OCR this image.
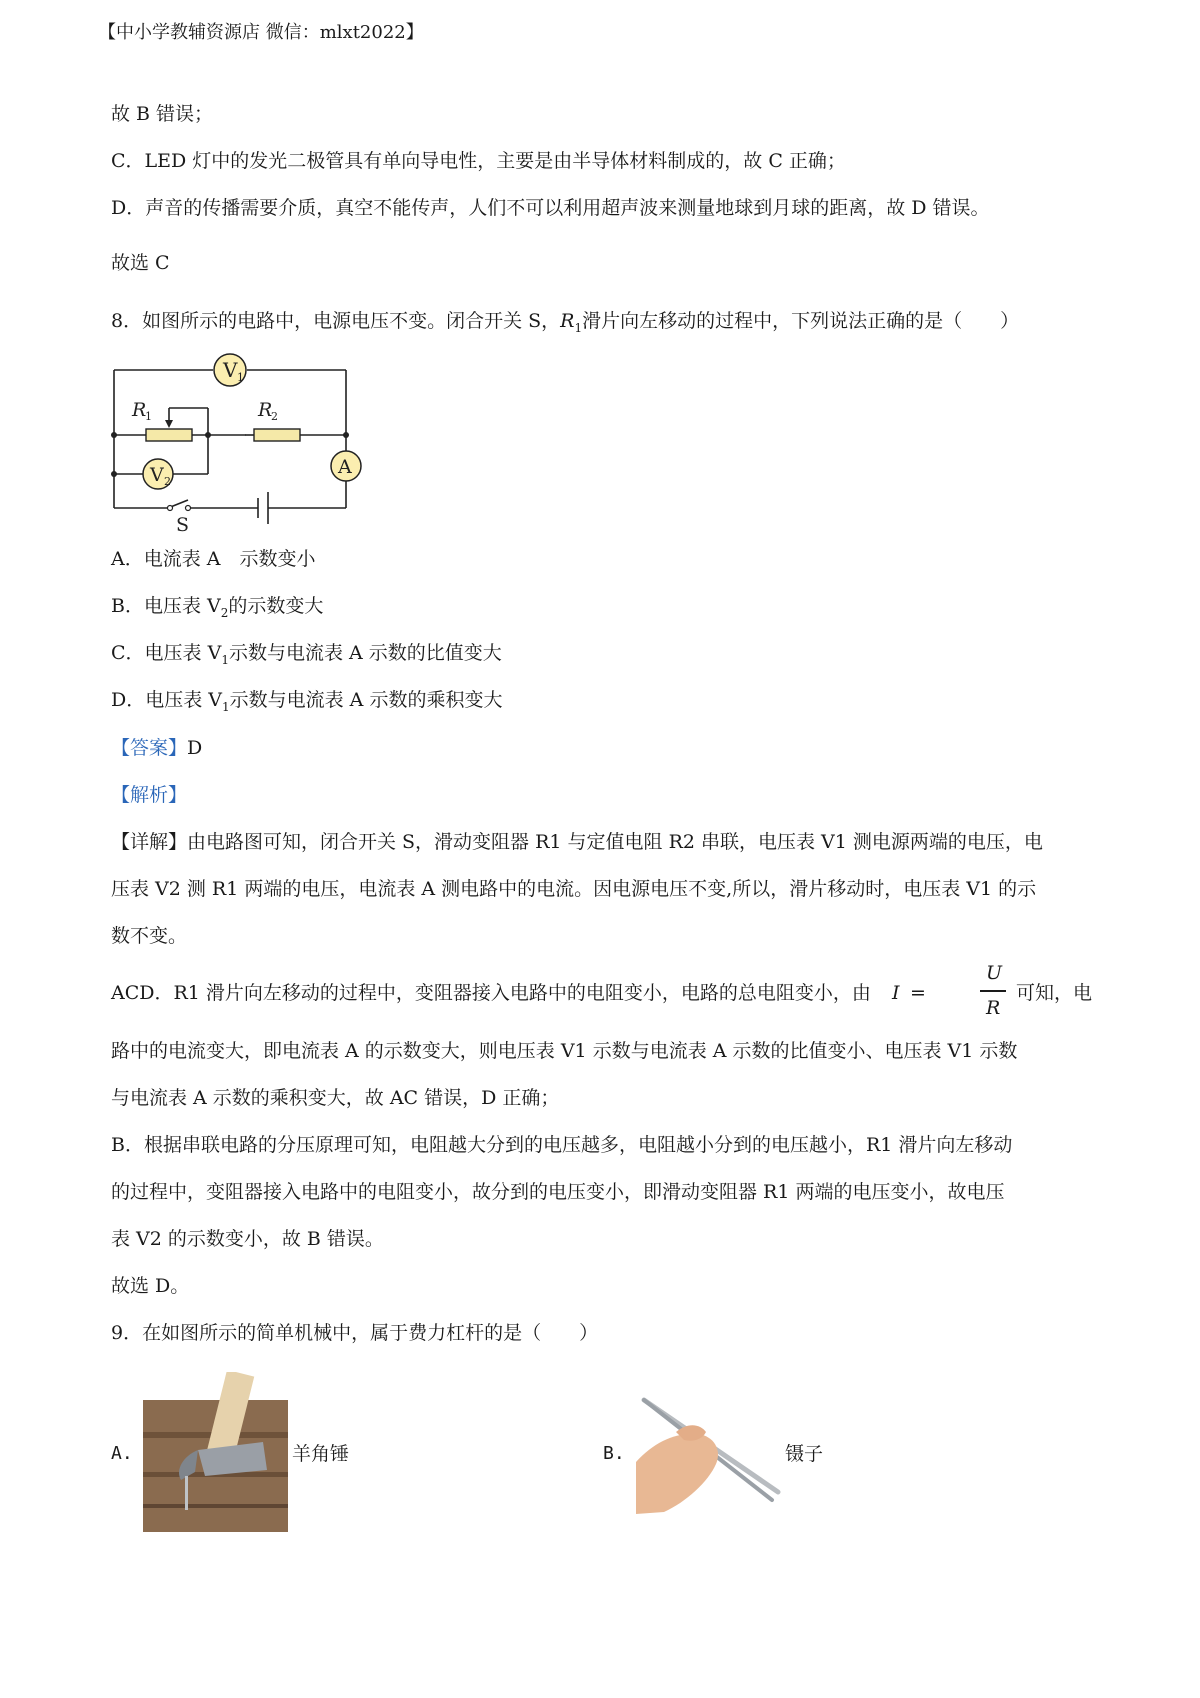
【中小学教辅资源店 微信：mlxt2022】
故 B 错误；
C．LED 灯中的发光二极管具有单向导电性，主要是由半导体材料制成的，故 C 正确；
D．声音的传播需要介质，真空不能传声，人们不可以利用超声波来测量地球到月球的距离，故 D 错误。
故选 C
8．如图所示的电路中，电源电压不变。闭合开关 S，$R_1$滑片向左移动的过程中，下列说法正确的是（　　）
V 1
V 2
A
R
1	R
2
S
A．电流表 A　示数变小
B．电压表 $V_2$的示数变大
C．电压表 $V_1$示数与电流表 A 示数的比值变大
D．电压表 $V_1$示数与电流表 A 示数的乘积变大
【答案】D
【解析】
【详解】由电路图可知，闭合开关 S，滑动变阻器 R1 与定值电阻 R2 串联，电压表 V1 测电源两端的电压，电
压表 V2 测 R1 两端的电压，电流表 A 测电路中的电流。因电源电压不变,所以，滑片移动时，电压表 V1 的示
数不变。
ACD．R1 滑片向左移动的过程中，变阻器接入电路中的电阻变小，电路的总电阻变小，由 I =
U
R
可知，电
路中的电流变大，即电流表 A 的示数变大，则电压表 V1 示数与电流表 A 示数的比值变小、电压表 V1 示数
与电流表 A 示数的乘积变大，故 AC 错误，D 正确；
B．根据串联电路的分压原理可知，电阻越大分到的电压越多，电阻越小分到的电压越小，R1 滑片向左移动
的过程中，变阻器接入电路中的电阻变小，故分到的电压变小，即滑动变阻器 R1 两端的电压变小，故电压
表 V2 的示数变小，故 B 错误。
故选 D。
9．在如图所示的简单机械中，属于费力杠杆的是（　　）
A.	羊角锤	B.	镊子
